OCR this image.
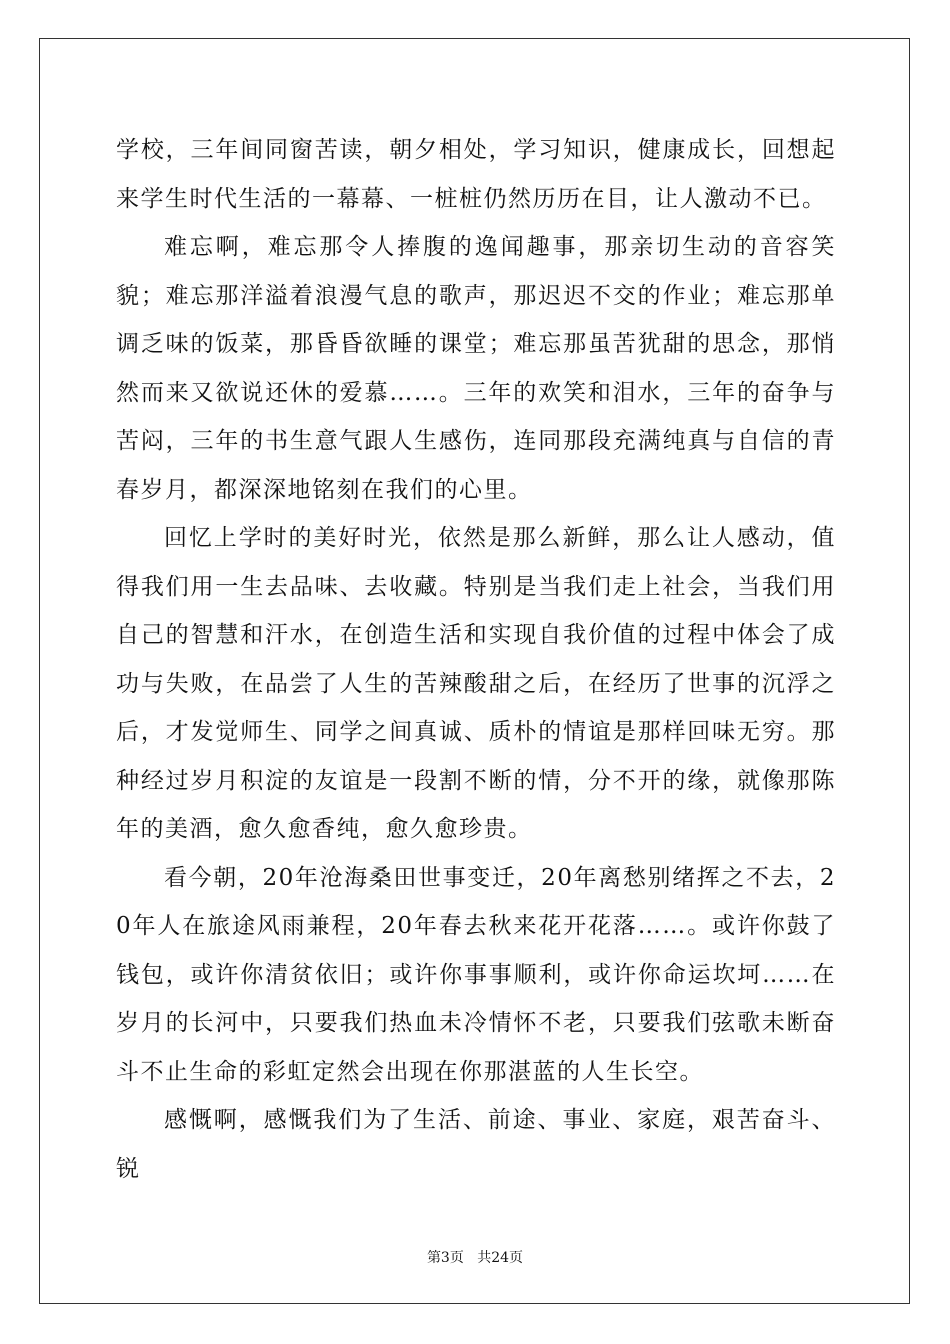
学校，三年间同窗苦读，朝夕相处，学习知识，健康成长，回想起来学生时代生活的一幕幕、一桩桩仍然历历在目，让人激动不已。

难忘啊，难忘那令人捧腹的逸闻趣事，那亲切生动的音容笑貌；难忘那洋溢着浪漫气息的歌声，那迟迟不交的作业；难忘那单调乏味的饭菜，那昏昏欲睡的课堂；难忘那虽苦犹甜的思念，那悄然而来又欲说还休的爱慕……。三年的欢笑和泪水，三年的奋争与苦闷，三年的书生意气跟人生感伤，连同那段充满纯真与自信的青春岁月，都深深地铭刻在我们的心里。

回忆上学时的美好时光，依然是那么新鲜，那么让人感动，值得我们用一生去品味、去收藏。特别是当我们走上社会，当我们用自己的智慧和汗水，在创造生活和实现自我价值的过程中体会了成功与失败，在品尝了人生的苦辣酸甜之后，在经历了世事的沉浮之后，才发觉师生、同学之间真诚、质朴的情谊是那样回味无穷。那种经过岁月积淀的友谊是一段割不断的情，分不开的缘，就像那陈年的美酒，愈久愈香纯，愈久愈珍贵。

看今朝，20年沧海桑田世事变迁，20年离愁别绪挥之不去，20年人在旅途风雨兼程，20年春去秋来花开花落……。或许你鼓了钱包，或许你清贫依旧；或许你事事顺利，或许你命运坎坷……在岁月的长河中，只要我们热血未冷情怀不老，只要我们弦歌未断奋斗不止生命的彩虹定然会出现在你那湛蓝的人生长空。

感慨啊，感慨我们为了生活、前途、事业、家庭，艰苦奋斗、锐

第3页 共24页
